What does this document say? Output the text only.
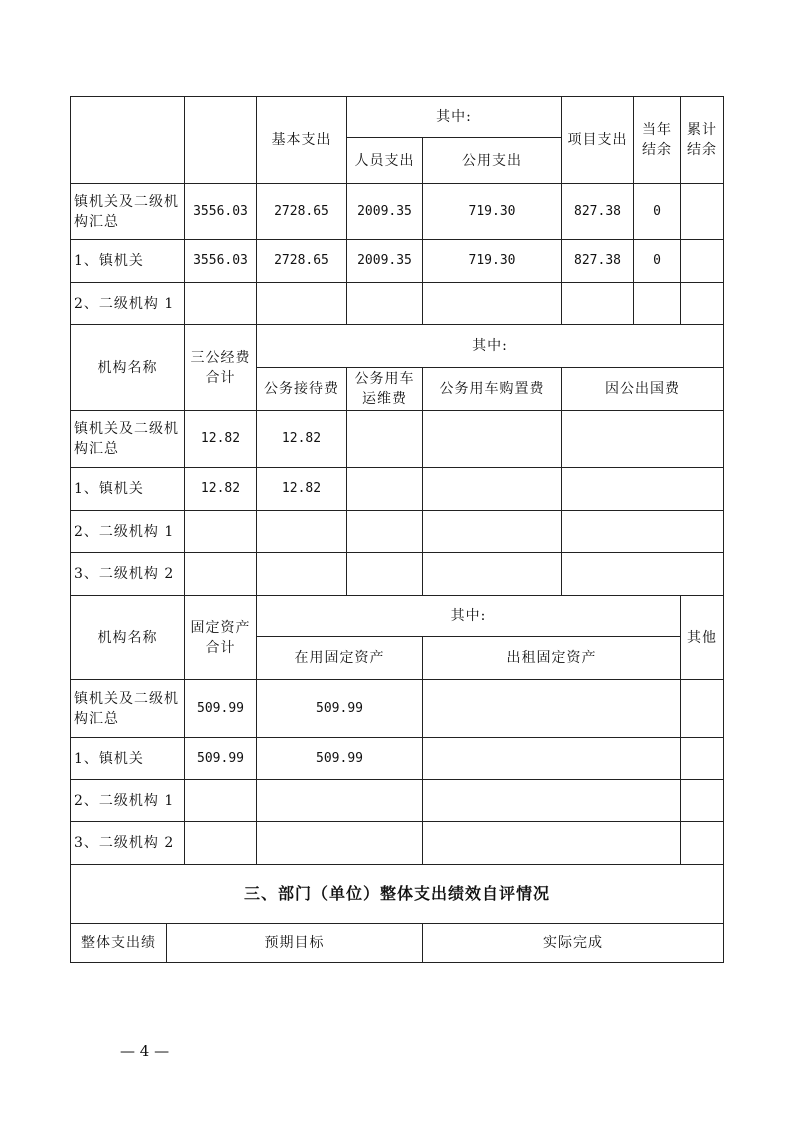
		基本支出	其中:		项目支出	当年结余	累计结余
			人员支出	公用支出			
镇机关及二级机构汇总	3556.03	2728.65	2009.35	719.30	827.38	0	
1、镇机关	3556.03	2728.65	2009.35	719.30	827.38	0	
2、二级机构 1							
机构名称	三公经费合计	其中:					
		公务接待费	公务用车运维费	公务用车购置费	因公出国费		
镇机关及二级机构汇总	12.82	12.82					
1、镇机关	12.82	12.82					
2、二级机构 1							
3、二级机构 2							
机构名称	固定资产合计	其中:					其他
		在用固定资产		出租固定资产			
镇机关及二级机构汇总	509.99	509.99					
1、镇机关	509.99	509.99					
2、二级机构 1							
3、二级机构 2							
三、部门（单位）整体支出绩效自评情况							
整体支出绩	预期目标	实际完成
— 4 —
